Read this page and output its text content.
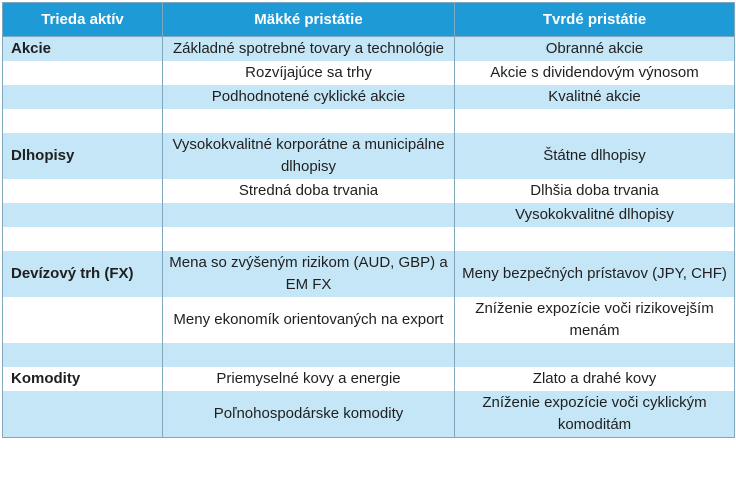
Trieda aktív	Mäkké pristátie	Tvrdé pristátie
Akcie	Základné spotrebné tovary a technológie	Obranné akcie
	Rozvíjajúce sa trhy	Akcie s dividendovým výnosom
	Podhodnotené cyklické akcie	Kvalitné akcie

Dlhopisy	Vysokokvalitné korporátne a municipálne dlhopisy	Štátne dlhopisy
	Stredná doba trvania	Dlhšia doba trvania
		Vysokokvalitné dlhopisy

Devízový trh (FX)	Mena so zvýšeným rizikom (AUD, GBP) a EM FX	Meny bezpečných prístavov (JPY, CHF)
	Meny ekonomík orientovaných na export	Zníženie expozície voči rizikovejším menám

Komodity	Priemyselné kovy a energie	Zlato a drahé kovy
	Poľnohospodárske komodity	Zníženie expozície voči cyklickým komoditám
